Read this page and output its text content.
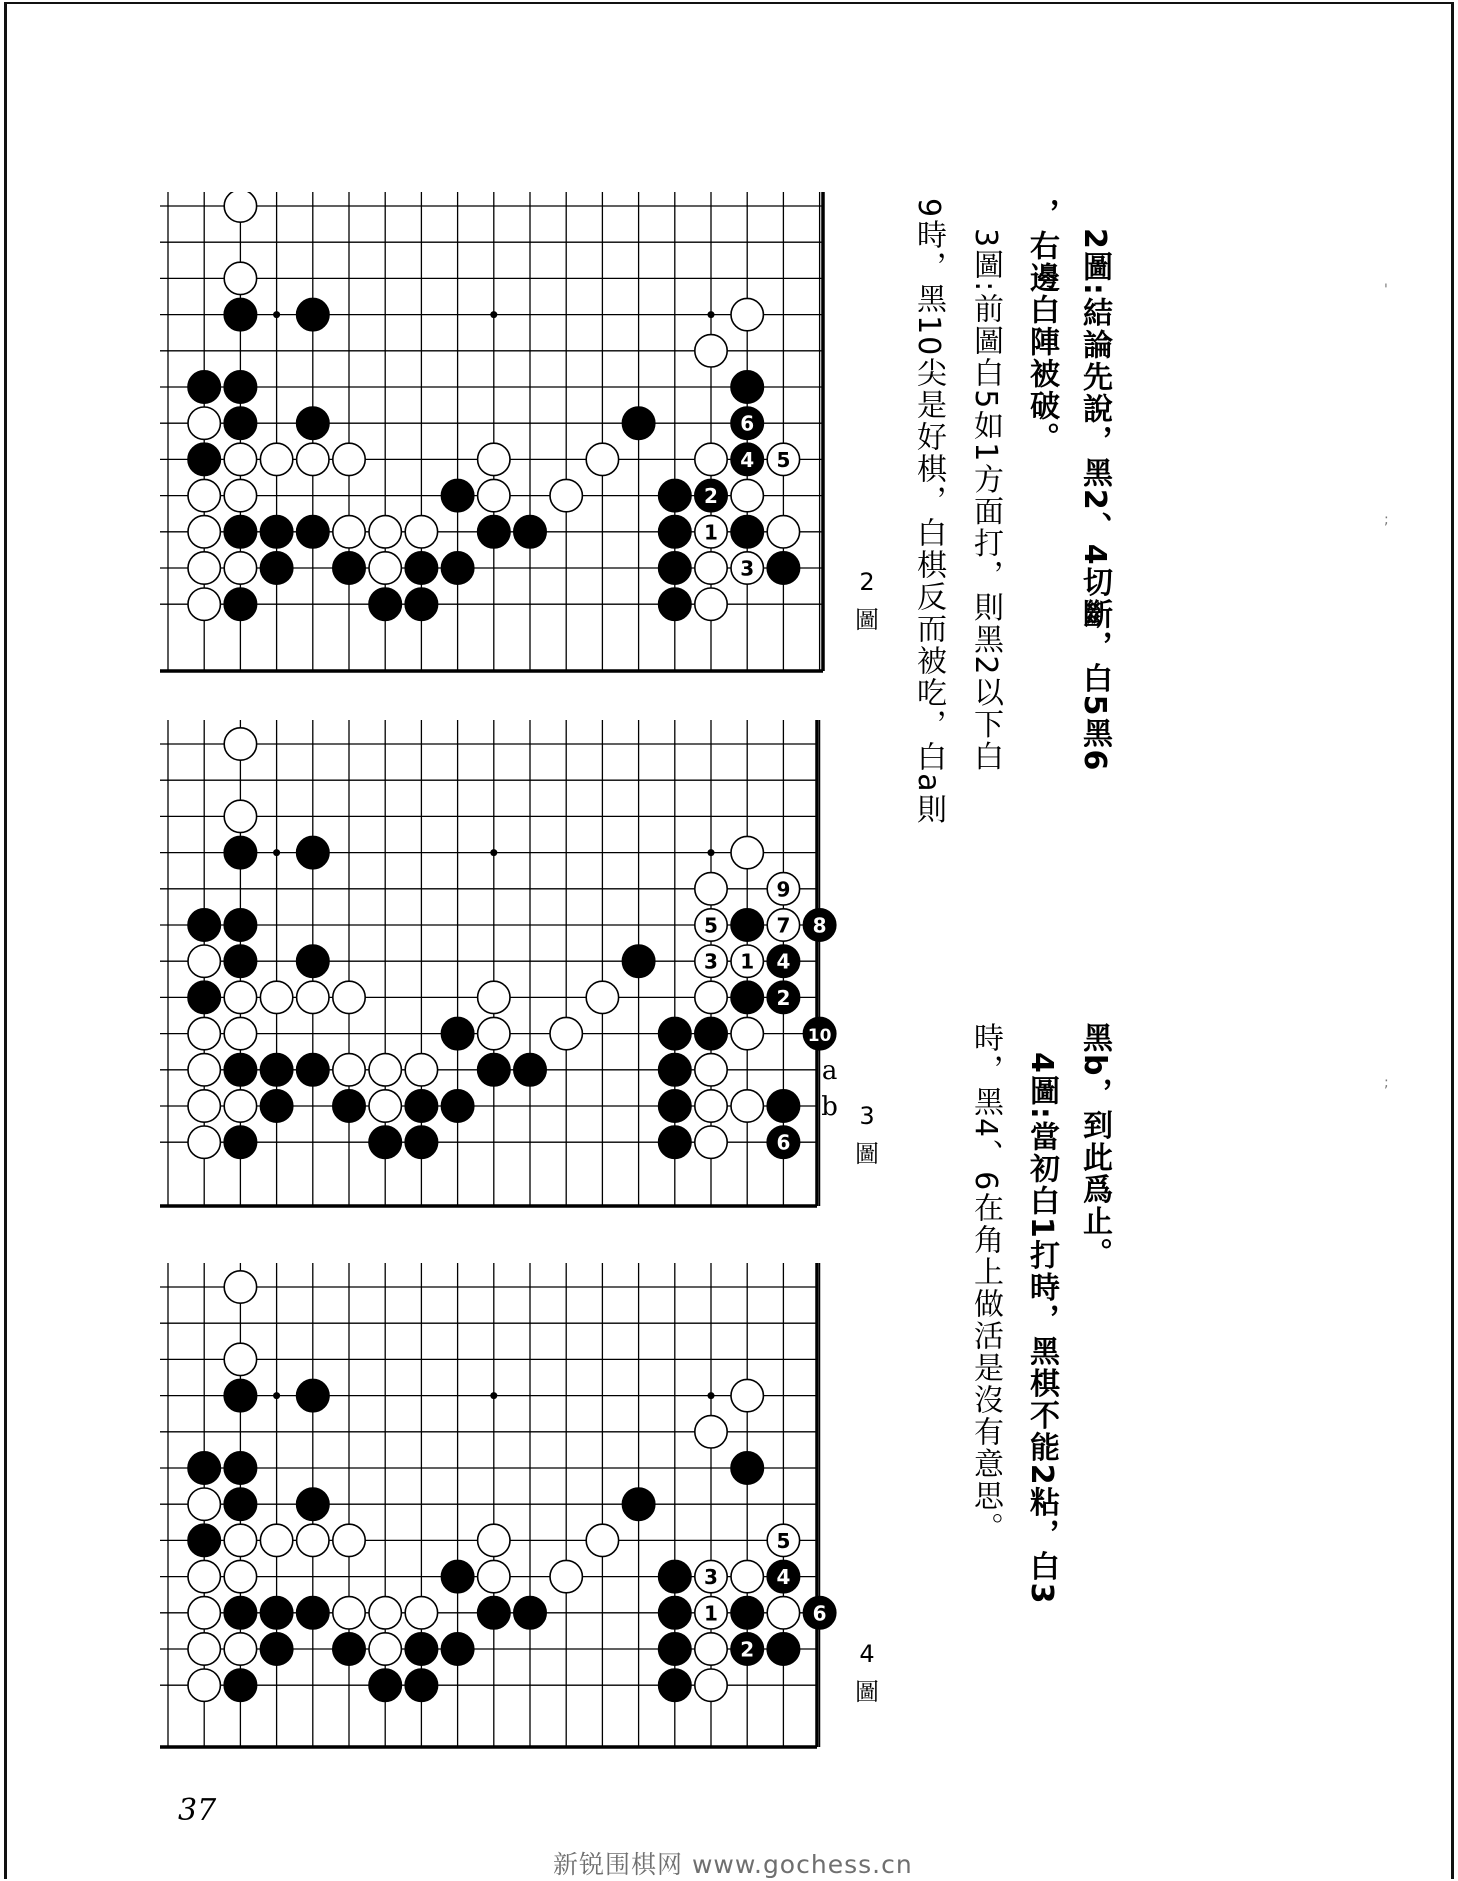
6
4 5
2
1
3
9
5	7 8
3 1 4
2
10
6
a
b
5
3	4
1	6
2
2
圖
3
圖
4
圖
2圖:結論先說，黑2、4切斷，白5黑6
，右邊白陣被破。
3圖:前圖白5如1方面打，則黑2以下白
9時，黑10尖是好棋，白棋反而被吃，白a則
黑b，到此爲止。
4圖:當初白1打時，黑棋不能2粘，白3
時，黑4、6在角上做活是沒有意思。
'
;
;
37
新锐围棋网 www.gochess.cn
